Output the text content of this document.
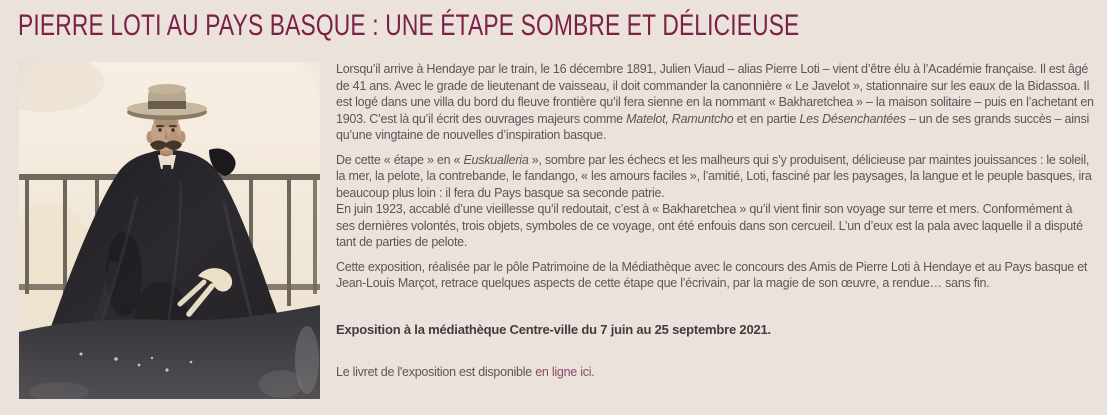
PIERRE LOTI AU PAYS BASQUE : UNE ÉTAPE SOMBRE ET DÉLICIEUSE

Lorsqu’il arrive à Hendaye par le train, le 16 décembre 1891, Julien Viaud – alias Pierre Loti – vient d’être élu à l’Académie française. Il est âgé de 41 ans. Avec le grade de lieutenant de vaisseau, il doit commander la canonnière « Le Javelot », stationnaire sur les eaux de la Bidassoa. Il est logé dans une villa du bord du fleuve frontière qu’il fera sienne en la nommant « Bakharetchea » – la maison solitaire – puis en l’achetant en 1903. C’est là qu’il écrit des ouvrages majeurs comme Matelot, Ramuntcho et en partie Les Désenchantées – un de ses grands succès – ainsi qu’une vingtaine de nouvelles d’inspiration basque.

De cette « étape » en « Euskualleria », sombre par les échecs et les malheurs qui s’y produisent, délicieuse par maintes jouissances : le soleil, la mer, la pelote, la contrebande, le fandango, « les amours faciles », l’amitié, Loti, fasciné par les paysages, la langue et le peuple basques, ira beaucoup plus loin : il fera du Pays basque sa seconde patrie.
En juin 1923, accablé d’une vieillesse qu’il redoutait, c’est à « Bakharetchea » qu’il vient finir son voyage sur terre et mers. Conformément à ses dernières volontés, trois objets, symboles de ce voyage, ont été enfouis dans son cercueil. L’un d’eux est la pala avec laquelle il a disputé tant de parties de pelote.

Cette exposition, réalisée par le pôle Patrimoine de la Médiathèque avec le concours des Amis de Pierre Loti à Hendaye et au Pays basque et Jean-Louis Marçot, retrace quelques aspects de cette étape que l’écrivain, par la magie de son œuvre, a rendue… sans fin.

Exposition à la médiathèque Centre-ville du 7 juin au 25 septembre 2021.

Le livret de l'exposition est disponible en ligne ici.
